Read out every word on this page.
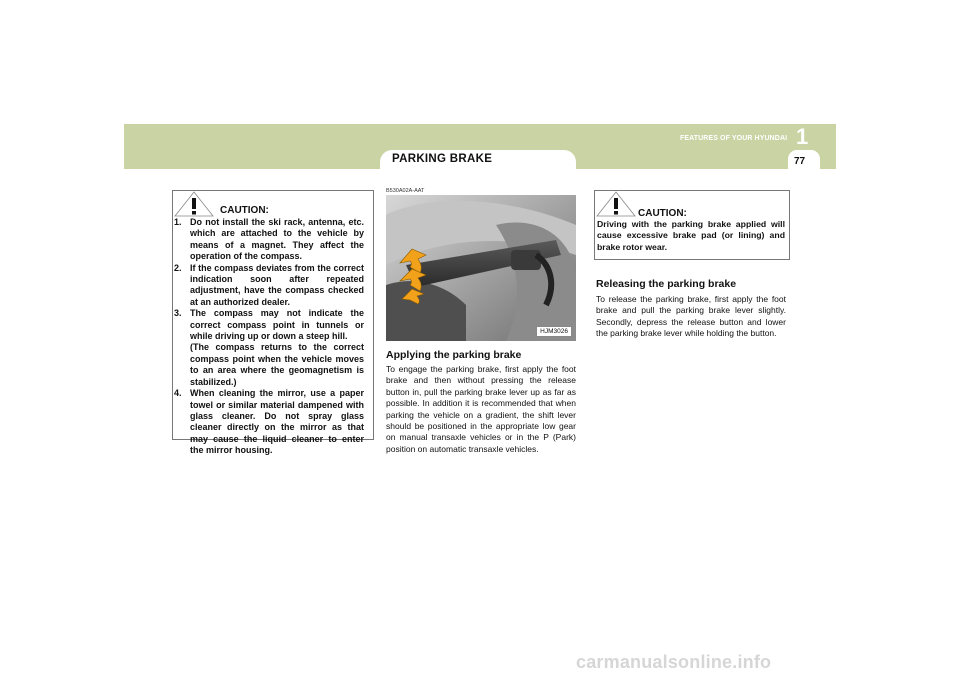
PARKING BRAKE
FEATURES OF YOUR HYUNDAI 1
77
CAUTION:
1. Do not install the ski rack, antenna, etc. which are attached to the vehicle by means of a magnet. They affect the operation of the compass.
2. If the compass deviates from the correct indication soon after repeated adjustment, have the compass checked at an authorized dealer.
3. The compass may not indicate the correct compass point in tunnels or while driving up or down a steep hill.
(The compass returns to the correct compass point when the vehicle moves to an area where the geomagnetism is stabilized.)
4. When cleaning the mirror, use a paper towel or similar material dampened with glass cleaner. Do not spray glass cleaner directly on the mirror as that may cause the liquid cleaner to enter the mirror housing.
B530A02A-AAT
HJM3026
Applying the parking brake

To engage the parking brake, first apply the foot brake and then without pressing the release button in, pull the parking brake lever up as far as possible. In addition it is recommended that when parking the vehicle on a gradient, the shift lever should be positioned in the appropriate low gear on manual transaxle vehicles or in the P (Park) position on automatic transaxle vehicles.

CAUTION:

Driving with the parking brake applied will cause excessive brake pad (or lining) and brake rotor wear.

Releasing the parking brake

To release the parking brake, first apply the foot brake and pull the parking brake lever slightly. Secondly, depress the release button and lower the parking brake lever while holding the button.

carmanualsonline.info
